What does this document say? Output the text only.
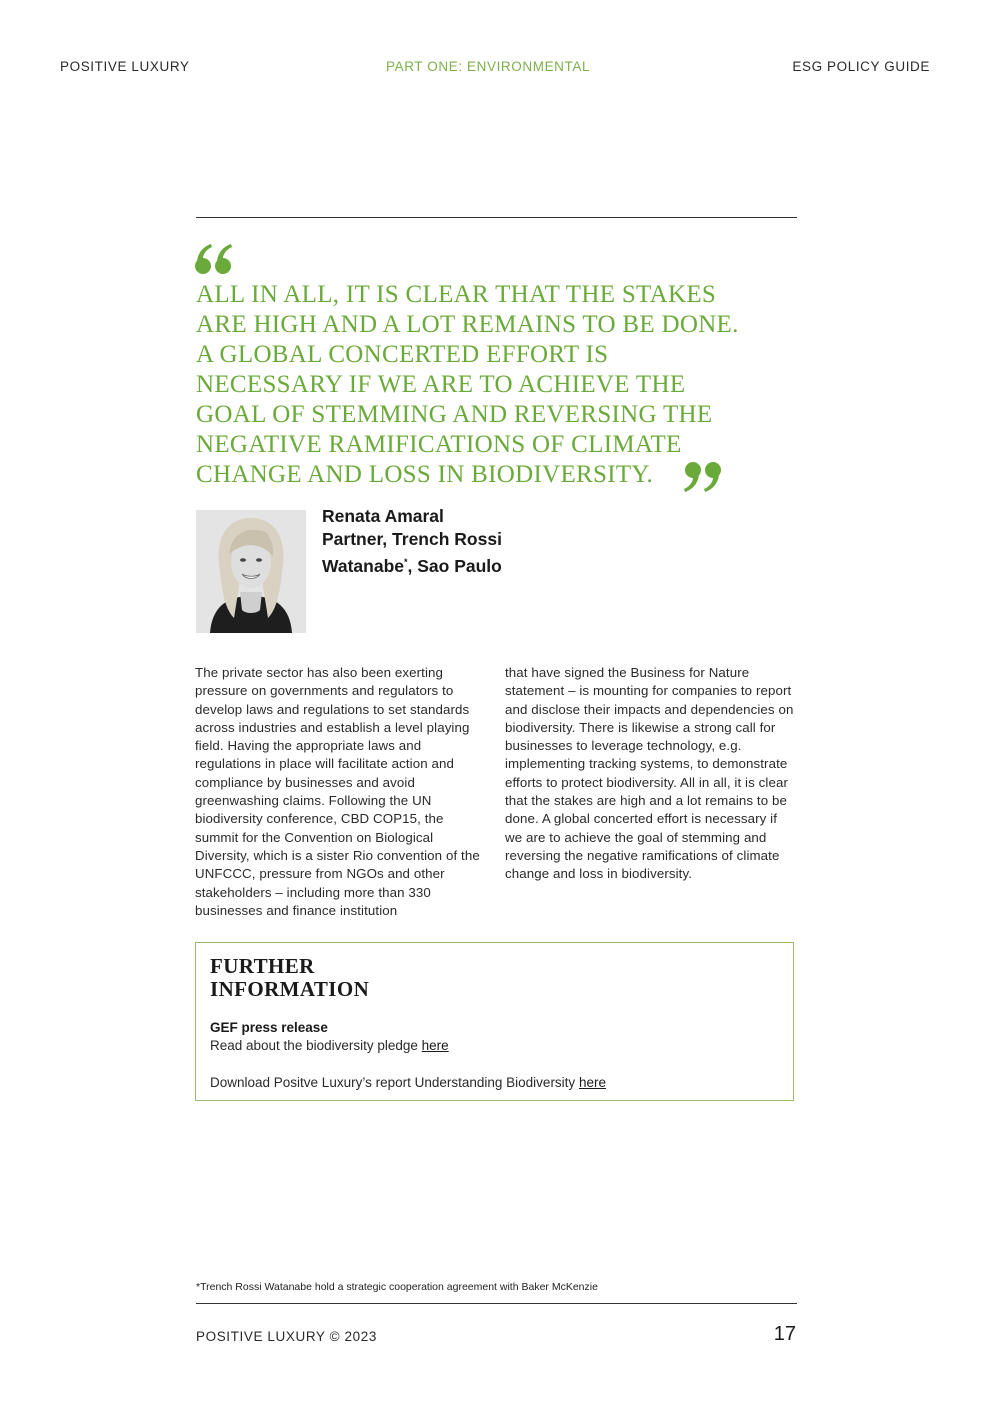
POSITIVE LUXURY	PART ONE: ENVIRONMENTAL	ESG POLICY GUIDE

ALL IN ALL, IT IS CLEAR THAT THE STAKES ARE HIGH AND A LOT REMAINS TO BE DONE. A GLOBAL CONCERTED EFFORT IS NECESSARY IF WE ARE TO ACHIEVE THE GOAL OF STEMMING AND REVERSING THE NEGATIVE RAMIFICATIONS OF CLIMATE CHANGE AND LOSS IN BIODIVERSITY.

Renata Amaral
Partner, Trench Rossi
Watanabe*, Sao Paulo

The private sector has also been exerting pressure on governments and regulators to develop laws and regulations to set standards across industries and establish a level playing field. Having the appropriate laws and regulations in place will facilitate action and compliance by businesses and avoid greenwashing claims. Following the UN biodiversity conference, CBD COP15, the summit for the Convention on Biological Diversity, which is a sister Rio convention of the UNFCCC, pressure from NGOs and other stakeholders – including more than 330 businesses and finance institution

that have signed the Business for Nature statement – is mounting for companies to report and disclose their impacts and dependencies on biodiversity. There is likewise a strong call for businesses to leverage technology, e.g. implementing tracking systems, to demonstrate efforts to protect biodiversity. All in all, it is clear that the stakes are high and a lot remains to be done. A global concerted effort is necessary if we are to achieve the goal of stemming and reversing the negative ramifications of climate change and loss in biodiversity.

FURTHER INFORMATION
GEF press release
Read about the biodiversity pledge here
Download Positve Luxury’s report Understanding Biodiversity here
*Trench Rossi Watanabe hold a strategic cooperation agreement with Baker McKenzie
POSITIVE LUXURY © 2023	17
